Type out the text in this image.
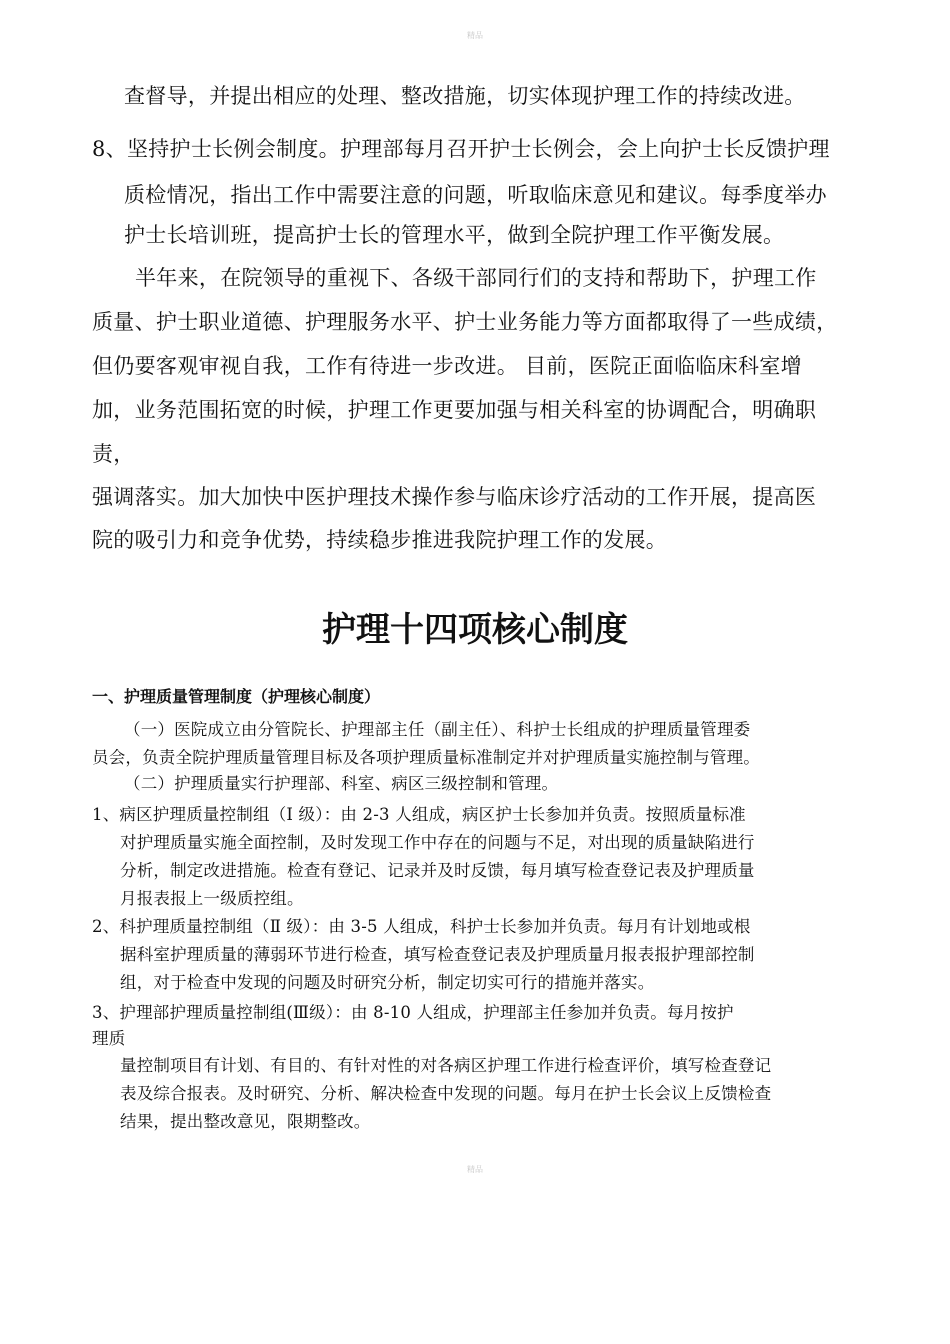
精品
查督导，并提出相应的处理、整改措施，切实体现护理工作的持续改进。
8、坚持护士长例会制度。护理部每月召开护士长例会，会上向护士长反馈护理
质检情况，指出工作中需要注意的问题，听取临床意见和建议。每季度举办
护士长培训班，提高护士长的管理水平，做到全院护理工作平衡发展。
半年来，在院领导的重视下、各级干部同行们的支持和帮助下，护理工作
质量、护士职业道德、护理服务水平、护士业务能力等方面都取得了一些成绩，
但仍要客观审视自我，工作有待进一步改进。 目前，医院正面临临床科室增
加，业务范围拓宽的时候，护理工作更要加强与相关科室的协调配合，明确职
责，
强调落实。加大加快中医护理技术操作参与临床诊疗活动的工作开展，提高医
院的吸引力和竞争优势，持续稳步推进我院护理工作的发展。
护理十四项核心制度
一、护理质量管理制度（护理核心制度）
（一）医院成立由分管院长、护理部主任（副主任）、科护士长组成的护理质量管理委
员会，负责全院护理质量管理目标及各项护理质量标准制定并对护理质量实施控制与管理。
（二）护理质量实行护理部、科室、病区三级控制和管理。
1、病区护理质量控制组（Ⅰ 级）：由 2-3 人组成，病区护士长参加并负责。按照质量标准
对护理质量实施全面控制，及时发现工作中存在的问题与不足，对出现的质量缺陷进行
分析，制定改进措施。检查有登记、记录并及时反馈，每月填写检查登记表及护理质量
月报表报上一级质控组。
2、科护理质量控制组（Ⅱ 级）：由 3-5 人组成，科护士长参加并负责。每月有计划地或根
据科室护理质量的薄弱环节进行检查，填写检查登记表及护理质量月报表报护理部控制
组，对于检查中发现的问题及时研究分析，制定切实可行的措施并落实。
3、护理部护理质量控制组(Ⅲ级）：由 8-10 人组成，护理部主任参加并负责。每月按护
理质
量控制项目有计划、有目的、有针对性的对各病区护理工作进行检查评价，填写检查登记
表及综合报表。及时研究、分析、解决检查中发现的问题。每月在护士长会议上反馈检查
结果，提出整改意见，限期整改。
精品
